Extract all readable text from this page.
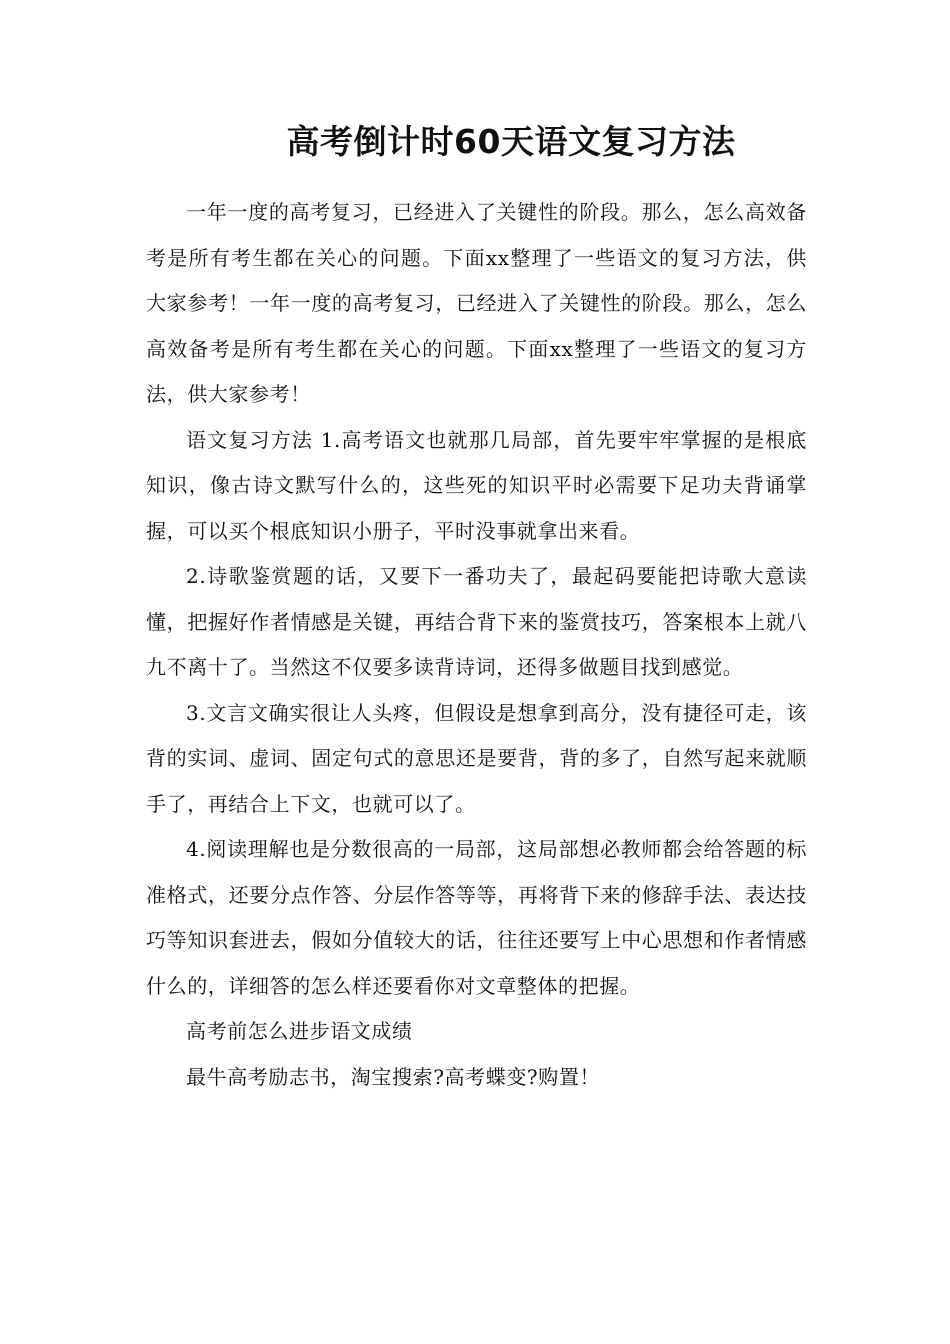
高考倒计时60天语文复习方法

一年一度的高考复习，已经进入了关键性的阶段。那么，怎么高效备考是所有考生都在关心的问题。下面xx整理了一些语文的复习方法，供大家参考！一年一度的高考复习，已经进入了关键性的阶段。那么，怎么高效备考是所有考生都在关心的问题。下面xx整理了一些语文的复习方法，供大家参考！

语文复习方法 1.高考语文也就那几局部，首先要牢牢掌握的是根底知识，像古诗文默写什么的，这些死的知识平时必需要下足功夫背诵掌握，可以买个根底知识小册子，平时没事就拿出来看。

2.诗歌鉴赏题的话，又要下一番功夫了，最起码要能把诗歌大意读懂，把握好作者情感是关键，再结合背下来的鉴赏技巧，答案根本上就八九不离十了。当然这不仅要多读背诗词，还得多做题目找到感觉。

3.文言文确实很让人头疼，但假设是想拿到高分，没有捷径可走，该背的实词、虚词、固定句式的意思还是要背，背的多了，自然写起来就顺手了，再结合上下文，也就可以了。

4.阅读理解也是分数很高的一局部，这局部想必教师都会给答题的标准格式，还要分点作答、分层作答等等，再将背下来的修辞手法、表达技巧等知识套进去，假如分值较大的话，往往还要写上中心思想和作者情感什么的，详细答的怎么样还要看你对文章整体的把握。

高考前怎么进步语文成绩

最牛高考励志书，淘宝搜索?高考蝶变?购置！
